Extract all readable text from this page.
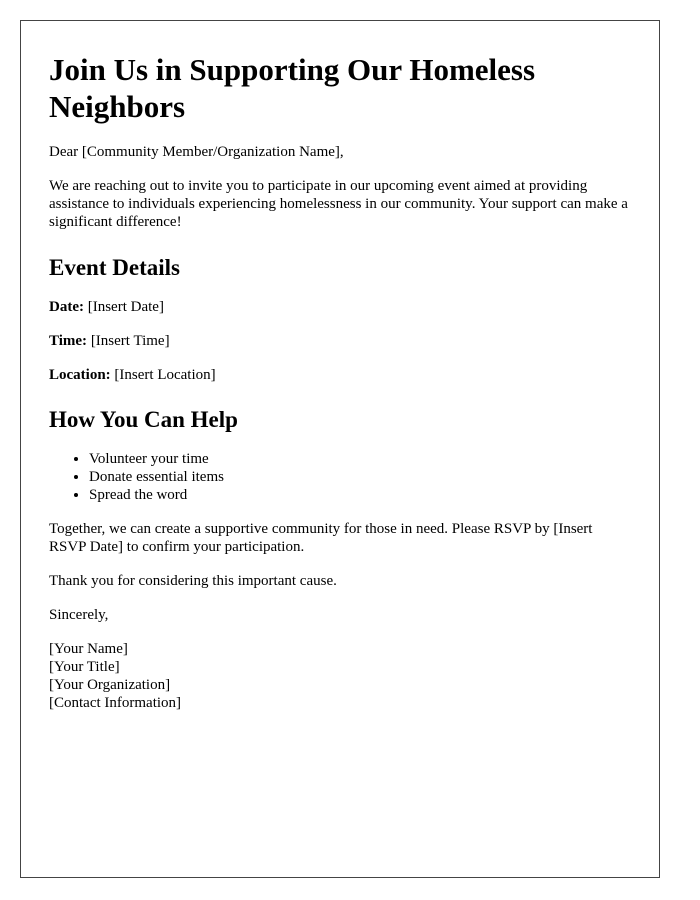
Join Us in Supporting Our Homeless Neighbors

Dear [Community Member/Organization Name],

We are reaching out to invite you to participate in our upcoming event aimed at providing assistance to individuals experiencing homelessness in our community. Your support can make a significant difference!

Event Details

Date: [Insert Date]

Time: [Insert Time]

Location: [Insert Location]

How You Can Help
• Volunteer your time
• Donate essential items
• Spread the word

Together, we can create a supportive community for those in need. Please RSVP by [Insert RSVP Date] to confirm your participation.

Thank you for considering this important cause.

Sincerely,

[Your Name]
[Your Title]
[Your Organization]
[Contact Information]
